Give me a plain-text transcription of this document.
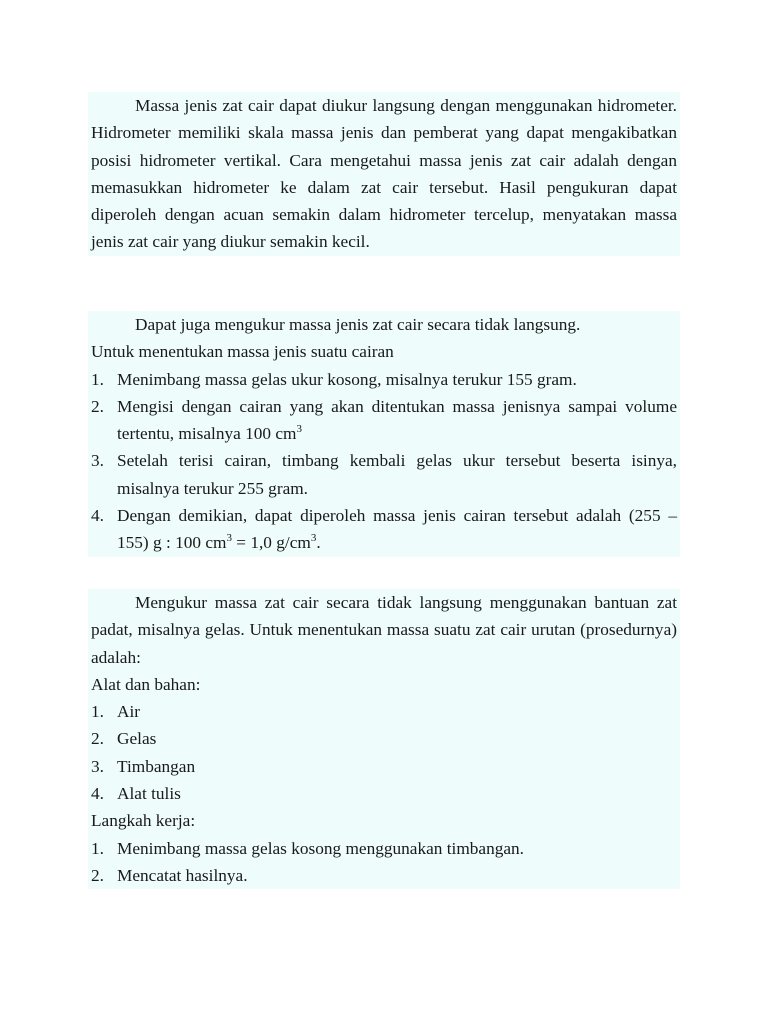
Massa jenis zat cair dapat diukur langsung dengan menggunakan hidrometer. Hidrometer memiliki skala massa jenis dan pemberat yang dapat mengakibatkan posisi hidrometer vertikal. Cara mengetahui massa jenis zat cair adalah dengan memasukkan hidrometer ke dalam zat cair tersebut. Hasil pengukuran dapat diperoleh dengan acuan semakin dalam hidrometer tercelup, menyatakan massa jenis zat cair yang diukur semakin kecil.

Dapat juga mengukur massa jenis zat cair secara tidak langsung.

Untuk menentukan massa jenis suatu cairan

1. Menimbang massa gelas ukur kosong, misalnya terukur 155 gram.
2. Mengisi dengan cairan yang akan ditentukan massa jenisnya sampai volume tertentu, misalnya 100 $cm^3$
3. Setelah terisi cairan, timbang kembali gelas ukur tersebut beserta isinya, misalnya terukur 255 gram.
4. Dengan demikian, dapat diperoleh massa jenis cairan tersebut adalah (255 – 155) g : 100 $cm^3 = 1,0$ $g/cm^3$.

Mengukur massa zat cair secara tidak langsung menggunakan bantuan zat padat, misalnya gelas. Untuk menentukan massa suatu zat cair urutan (prosedurnya) adalah:

Alat dan bahan:

1. Air
2. Gelas
3. Timbangan
4. Alat tulis

Langkah kerja:

1. Menimbang massa gelas kosong menggunakan timbangan.
2. Mencatat hasilnya.
